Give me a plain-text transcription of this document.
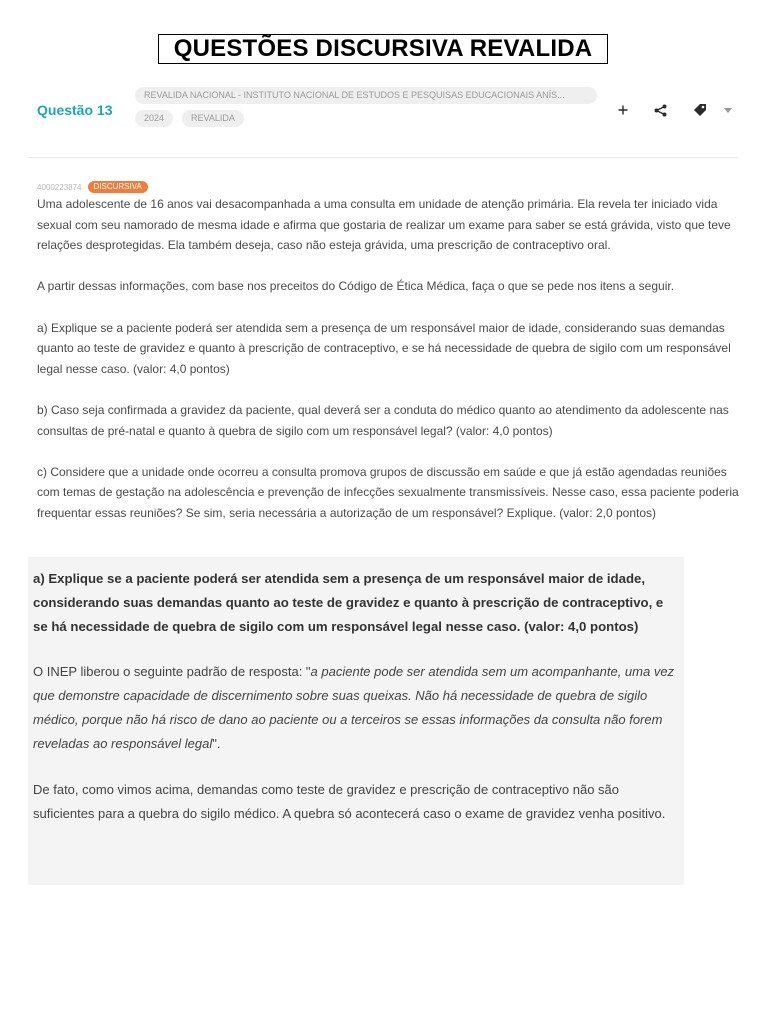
QUESTÕES DISCURSIVA REVALIDA
Questão 13
REVALIDA NACIONAL - INSTITUTO NACIONAL DE ESTUDOS E PESQUISAS EDUCACIONAIS ANÍS...
2024	REVALIDA
4000223874	DISCURSIVA

Uma adolescente de 16 anos vai desacompanhada a uma consulta em unidade de atenção primária. Ela revela ter iniciado vida sexual com seu namorado de mesma idade e afirma que gostaria de realizar um exame para saber se está grávida, visto que teve relações desprotegidas. Ela também deseja, caso não esteja grávida, uma prescrição de contraceptivo oral.

A partir dessas informações, com base nos preceitos do Código de Ética Médica, faça o que se pede nos itens a seguir.

a) Explique se a paciente poderá ser atendida sem a presença de um responsável maior de idade, considerando suas demandas quanto ao teste de gravidez e quanto à prescrição de contraceptivo, e se há necessidade de quebra de sigilo com um responsável legal nesse caso. (valor: 4,0 pontos)

b) Caso seja confirmada a gravidez da paciente, qual deverá ser a conduta do médico quanto ao atendimento da adolescente nas consultas de pré-natal e quanto à quebra de sigilo com um responsável legal? (valor: 4,0 pontos)

c) Considere que a unidade onde ocorreu a consulta promova grupos de discussão em saúde e que já estão agendadas reuniões com temas de gestação na adolescência e prevenção de infecções sexualmente transmissíveis. Nesse caso, essa paciente poderia frequentar essas reuniões? Se sim, seria necessária a autorização de um responsável? Explique. (valor: 2,0 pontos)

a) Explique se a paciente poderá ser atendida sem a presença de um responsável maior de idade, considerando suas demandas quanto ao teste de gravidez e quanto à prescrição de contraceptivo, e se há necessidade de quebra de sigilo com um responsável legal nesse caso. (valor: 4,0 pontos)

O INEP liberou o seguinte padrão de resposta: "a paciente pode ser atendida sem um acompanhante, uma vez que demonstre capacidade de discernimento sobre suas queixas. Não há necessidade de quebra de sigilo médico, porque não há risco de dano ao paciente ou a terceiros se essas informações da consulta não forem reveladas ao responsável legal".

De fato, como vimos acima, demandas como teste de gravidez e prescrição de contraceptivo não são suficientes para a quebra do sigilo médico. A quebra só acontecerá caso o exame de gravidez venha positivo.
